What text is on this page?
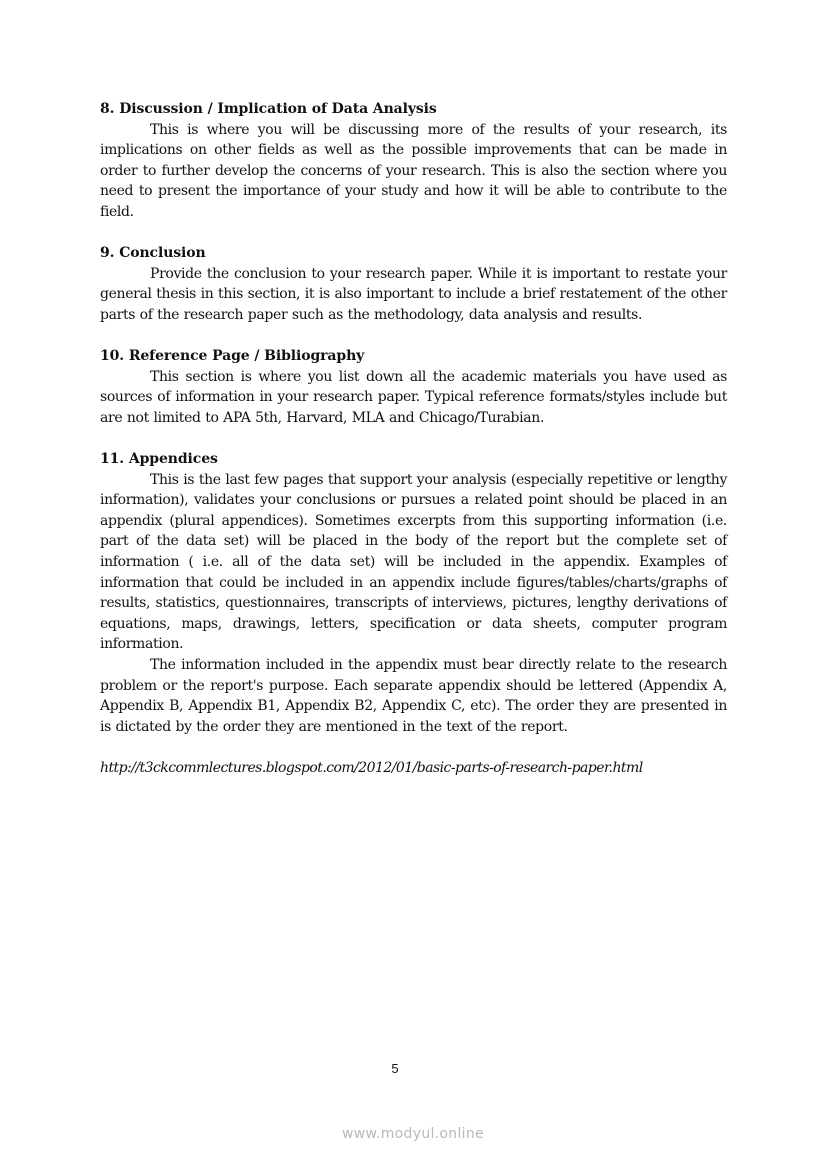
8. Discussion / Implication of Data Analysis

This is where you will be discussing more of the results of your research, its implications on other fields as well as the possible improvements that can be made in order to further develop the concerns of your research. This is also the section where you need to present the importance of your study and how it will be able to contribute to the field.

9. Conclusion

Provide the conclusion to your research paper. While it is important to restate your general thesis in this section, it is also important to include a brief restatement of the other parts of the research paper such as the methodology, data analysis and results.

10. Reference Page / Bibliography

This section is where you list down all the academic materials you have used as sources of information in your research paper. Typical reference formats/styles include but are not limited to APA 5th, Harvard, MLA and Chicago/Turabian.

11. Appendices

This is the last few pages that support your analysis (especially repetitive or lengthy information), validates your conclusions or pursues a related point should be placed in an appendix (plural appendices). Sometimes excerpts from this supporting information (i.e. part of the data set) will be placed in the body of the report but the complete set of information ( i.e. all of the data set) will be included in the appendix. Examples of information that could be included in an appendix include figures/tables/charts/graphs of results, statistics, questionnaires, transcripts of interviews, pictures, lengthy derivations of equations, maps, drawings, letters, specification or data sheets, computer program information.

The information included in the appendix must bear directly relate to the research problem or the report's purpose. Each separate appendix should be lettered (Appendix A, Appendix B, Appendix B1, Appendix B2, Appendix C, etc). The order they are presented in is dictated by the order they are mentioned in the text of the report.

http://t3ckcommlectures.blogspot.com/2012/01/basic-parts-of-research-paper.html
5
www.modyul.online
